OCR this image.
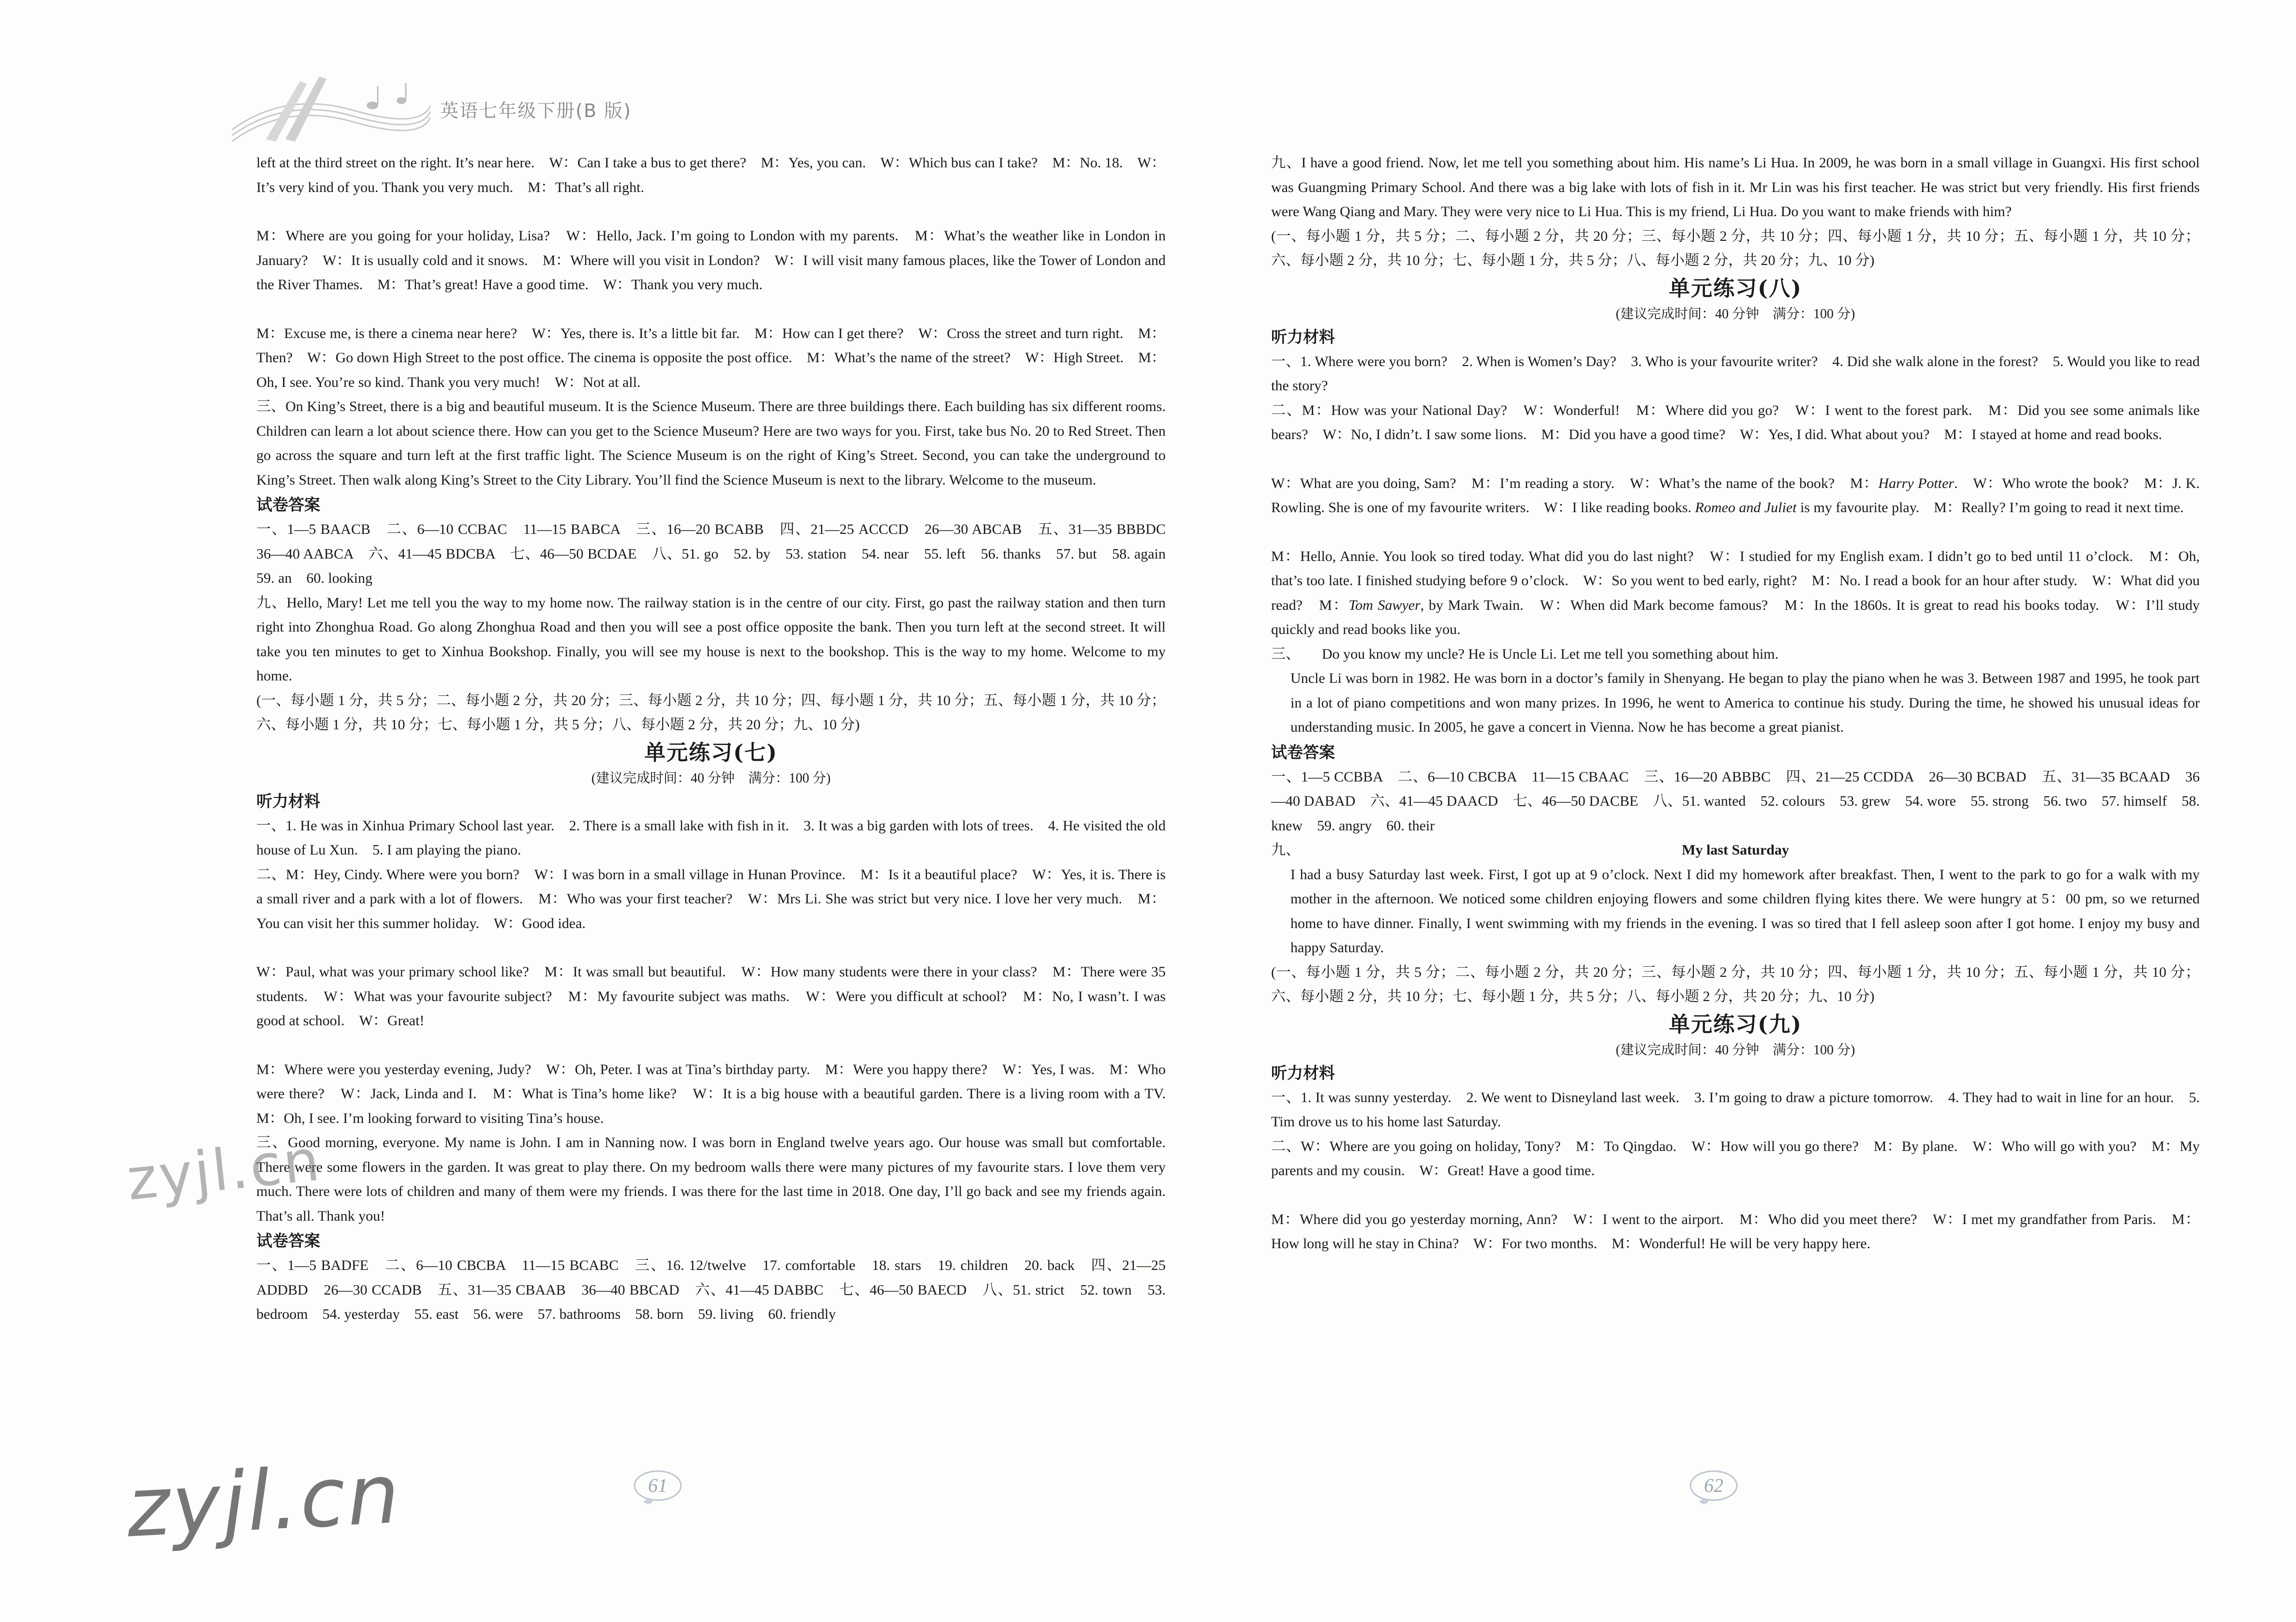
英语七年级下册(B 版)

left at the third street on the right. It’s near here.　W：Can I take a bus to get there?　M：Yes, you can.　W：Which bus can I take?　M：No. 18.　W：It’s very kind of you. Thank you very much.　M：That’s all right.

M：Where are you going for your holiday, Lisa?　W：Hello, Jack. I’m going to London with my parents.　M：What’s the weather like in London in January?　W：It is usually cold and it snows.　M：Where will you visit in London?　W：I will visit many famous places, like the Tower of London and the River Thames.　M：That’s great! Have a good time.　W：Thank you very much.

M：Excuse me, is there a cinema near here?　W：Yes, there is. It’s a little bit far.　M：How can I get there?　W：Cross the street and turn right.　M：Then?　W：Go down High Street to the post office. The cinema is opposite the post office.　M：What’s the name of the street?　W：High Street.　M：Oh, I see. You’re so kind. Thank you very much!　W：Not at all.

三、On King’s Street, there is a big and beautiful museum. It is the Science Museum. There are three buildings there. Each building has six different rooms. Children can learn a lot about science there. How can you get to the Science Museum? Here are two ways for you. First, take bus No. 20 to Red Street. Then go across the square and turn left at the first traffic light. The Science Museum is on the right of King’s Street. Second, you can take the underground to King’s Street. Then walk along King’s Street to the City Library. You’ll find the Science Museum is next to the library. Welcome to the museum.

试卷答案

一、1—5 BAACB　二、6—10 CCBAC　11—15 BABCA　三、16—20 BCABB　四、21—25 ACCCD　26—30 ABCAB　五、31—35 BBBDC　36—40 AABCA　六、41—45 BDCBA　七、46—50 BCDAE　八、51. go　52. by　53. station　54. near　55. left　56. thanks　57. but　58. again　59. an　60. looking

九、Hello, Mary! Let me tell you the way to my home now. The railway station is in the centre of our city. First, go past the railway station and then turn right into Zhonghua Road. Go along Zhonghua Road and then you will see a post office opposite the bank. Then you turn left at the second street. It will take you ten minutes to get to Xinhua Bookshop. Finally, you will see my house is next to the bookshop. This is the way to my home. Welcome to my home.

(一、每小题 1 分，共 5 分；二、每小题 2 分，共 20 分；三、每小题 2 分，共 10 分；四、每小题 1 分，共 10 分；五、每小题 1 分，共 10 分；六、每小题 1 分，共 10 分；七、每小题 1 分，共 5 分；八、每小题 2 分，共 20 分；九、10 分)

单元练习(七)
(建议完成时间：40 分钟　满分：100 分)
听力材料

一、1. He was in Xinhua Primary School last year.　2. There is a small lake with fish in it.　3. It was a big garden with lots of trees.　4. He visited the old house of Lu Xun.　5. I am playing the piano.

二、M：Hey, Cindy. Where were you born?　W：I was born in a small village in Hunan Province.　M：Is it a beautiful place?　W：Yes, it is. There is a small river and a park with a lot of flowers.　M：Who was your first teacher?　W：Mrs Li. She was strict but very nice. I love her very much.　M：You can visit her this summer holiday.　W：Good idea.

W：Paul, what was your primary school like?　M：It was small but beautiful.　W：How many students were there in your class?　M：There were 35 students.　W：What was your favourite subject?　M：My favourite subject was maths.　W：Were you difficult at school?　M：No, I wasn’t. I was good at school.　W：Great!

M：Where were you yesterday evening, Judy?　W：Oh, Peter. I was at Tina’s birthday party.　M：Were you happy there?　W：Yes, I was.　M：Who were there?　W：Jack, Linda and I.　M：What is Tina’s home like?　W：It is a big house with a beautiful garden. There is a living room with a TV.　M：Oh, I see. I’m looking forward to visiting Tina’s house.

三、Good morning, everyone. My name is John. I am in Nanning now. I was born in England twelve years ago. Our house was small but comfortable. There were some flowers in the garden. It was great to play there. On my bedroom walls there were many pictures of my favourite stars. I love them very much. There were lots of children and many of them were my friends. I was there for the last time in 2018. One day, I’ll go back and see my friends again. That’s all. Thank you!

试卷答案

一、1—5 BADFE　二、6—10 CBCBA　11—15 BCABC　三、16. 12/twelve　17. comfortable　18. stars　19. children　20. back　四、21—25 ADDBD　26—30 CCADB　五、31—35 CBAAB　36—40 BBCAD　六、41—45 DABBC　七、46—50 BAECD　八、51. strict　52. town　53. bedroom　54. yesterday　55. east　56. were　57. bathrooms　58. born　59. living　60. friendly

61
zyjl.cn
zyjl.cn

九、I have a good friend. Now, let me tell you something about him. His name’s Li Hua. In 2009, he was born in a small village in Guangxi. His first school was Guangming Primary School. And there was a big lake with lots of fish in it. Mr Lin was his first teacher. He was strict but very friendly. His first friends were Wang Qiang and Mary. They were very nice to Li Hua. This is my friend, Li Hua. Do you want to make friends with him?

(一、每小题 1 分，共 5 分；二、每小题 2 分，共 20 分；三、每小题 2 分，共 10 分；四、每小题 1 分，共 10 分；五、每小题 1 分，共 10 分；六、每小题 2 分，共 10 分；七、每小题 1 分，共 5 分；八、每小题 2 分，共 20 分；九、10 分)

单元练习(八)
(建议完成时间：40 分钟　满分：100 分)
听力材料

一、1. Where were you born?　2. When is Women’s Day?　3. Who is your favourite writer?　4. Did she walk alone in the forest?　5. Would you like to read the story?

二、M：How was your National Day?　W：Wonderful!　M：Where did you go?　W：I went to the forest park.　M：Did you see some animals like bears?　W：No, I didn’t. I saw some lions.　M：Did you have a good time?　W：Yes, I did. What about you?　M：I stayed at home and read books.

W：What are you doing, Sam?　M：I’m reading a story.　W：What’s the name of the book?　M：Harry Potter.　W：Who wrote the book?　M：J. K. Rowling. She is one of my favourite writers.　W：I like reading books. Romeo and Juliet is my favourite play.　M：Really? I’m going to read it next time.

M：Hello, Annie. You look so tired today. What did you do last night?　W：I studied for my English exam. I didn’t go to bed until 11 o’clock.　M：Oh, that’s too late. I finished studying before 9 o’clock.　W：So you went to bed early, right?　M：No. I read a book for an hour after study.　W：What did you read?　M：Tom Sawyer, by Mark Twain.　W：When did Mark become famous?　M：In the 1860s. It is great to read his books today.　W：I’ll study quickly and read books like you.

三、　　Do you know my uncle? He is Uncle Li. Let me tell you something about him.

Uncle Li was born in 1982. He was born in a doctor’s family in Shenyang. He began to play the piano when he was 3. Between 1987 and 1995, he took part in a lot of piano competitions and won many prizes. In 1996, he went to America to continue his study. During the time, he showed his unusual ideas for understanding music. In 2005, he gave a concert in Vienna. Now he has become a great pianist.

试卷答案

一、1—5 CCBBA　二、6—10 CBCBA　11—15 CBAAC　三、16—20 ABBBC　四、21—25 CCDDA　26—30 BCBAD　五、31—35 BCAAD　36—40 DABAD　六、41—45 DAACD　七、46—50 DACBE　八、51. wanted　52. colours　53. grew　54. wore　55. strong　56. two　57. himself　58. knew　59. angry　60. their

九、	My last Saturday

I had a busy Saturday last week. First, I got up at 9 o’clock. Next I did my homework after breakfast. Then, I went to the park to go for a walk with my mother in the afternoon. We noticed some children enjoying flowers and some children flying kites there. We were hungry at 5：00 pm, so we returned home to have dinner. Finally, I went swimming with my friends in the evening. I was so tired that I fell asleep soon after I got home. I enjoy my busy and happy Saturday.

(一、每小题 1 分，共 5 分；二、每小题 2 分，共 20 分；三、每小题 2 分，共 10 分；四、每小题 1 分，共 10 分；五、每小题 1 分，共 10 分；六、每小题 2 分，共 10 分；七、每小题 1 分，共 5 分；八、每小题 2 分，共 20 分；九、10 分)

单元练习(九)
(建议完成时间：40 分钟　满分：100 分)
听力材料

一、1. It was sunny yesterday.　2. We went to Disneyland last week.　3. I’m going to draw a picture tomorrow.　4. They had to wait in line for an hour.　5. Tim drove us to his home last Saturday.

二、W：Where are you going on holiday, Tony?　M：To Qingdao.　W：How will you go there?　M：By plane.　W：Who will go with you?　M：My parents and my cousin.　W：Great! Have a good time.

M：Where did you go yesterday morning, Ann?　W：I went to the airport.　M：Who did you meet there?　W：I met my grandfather from Paris.　M：How long will he stay in China?　W：For two months.　M：Wonderful! He will be very happy here.

62
